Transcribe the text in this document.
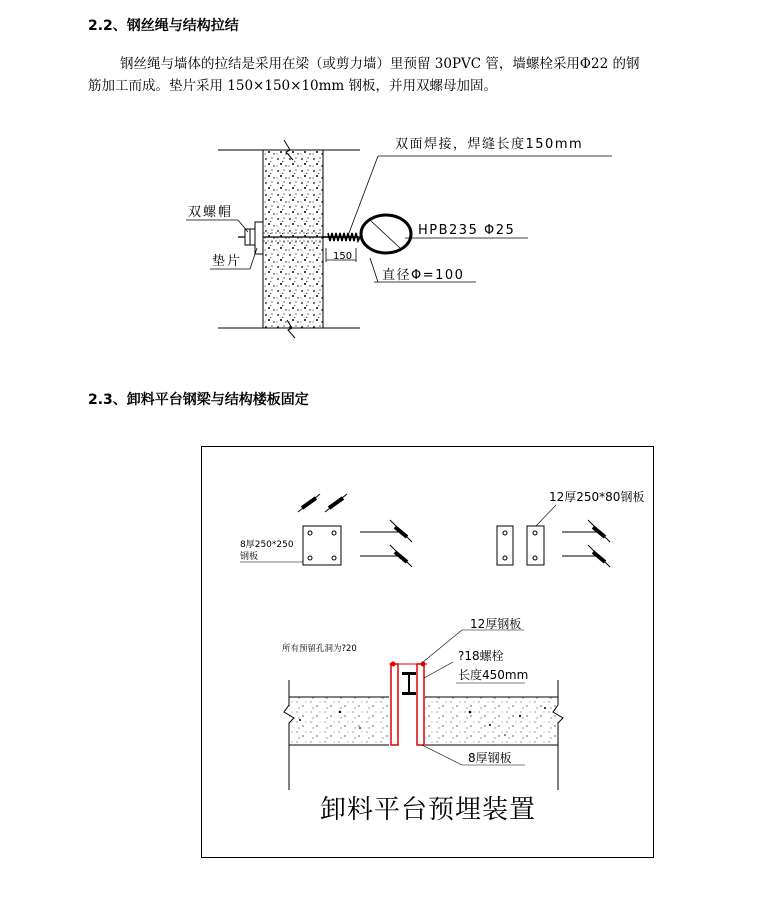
2.2、钢丝绳与结构拉结
钢丝绳与墙体的拉结是采用在梁（或剪力墙）里预留 30PVC 管，墙螺栓采用Φ22 的钢
筋加工而成。垫片采用 150×150×10mm 钢板，并用双螺母加固。
150
双面焊接，焊缝长度150mm
HPB235 Φ25
直径Φ=100
双螺帽
垫片
2.3、卸料平台钢梁与结构楼板固定
8厚250*250
钢板
12厚250*80钢板
所有预留孔洞为?20
12厚钢板
?18螺栓
长度450mm
8厚钢板
卸料平台预埋装置
